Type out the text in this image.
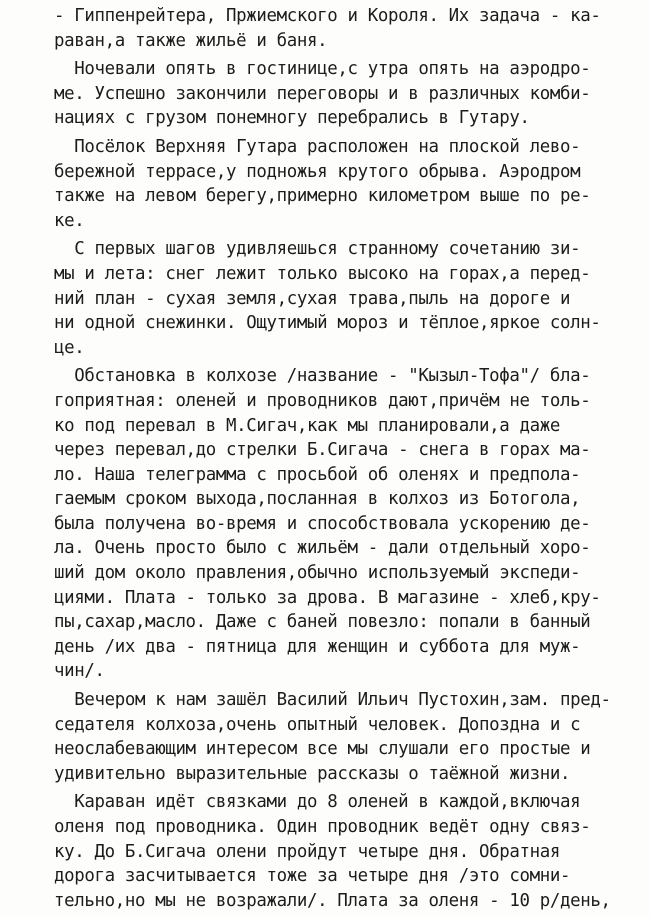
- Гиппенрейтера, Пржиемского и Короля. Их задача - ка-
раван,а также жильё и баня.
Ночевали опять в гостинице,с утра опять на аэродро-
ме. Успешно закончили переговоры и в различных комби-
нациях с грузом понемногу перебрались в Гутару.
Посёлок Верхняя Гутара расположен на плоской лево-
бережной террасе,у подножья крутого обрыва. Аэродром
также на левом берегу,примерно километром выше по ре-
ке.
С первых шагов удивляешься странному сочетанию зи-
мы и лета: снег лежит только высоко на горах,а перед-
ний план - сухая земля,сухая трава,пыль на дороге и
ни одной снежинки. Ощутимый мороз и тёплое,яркое солн-
це.
Обстановка в колхозе /название - "Кызыл-Тофа"/ бла-
гоприятная: оленей и проводников дают,причём не толь-
ко под перевал в М.Сигач,как мы планировали,а даже
через перевал,до стрелки Б.Сигача - снега в горах ма-
ло. Наша телеграмма с просьбой об оленях и предпола-
гаемым сроком выхода,посланная в колхоз из Ботогола,
была получена во-время и способствовала ускорению де-
ла. Очень просто было с жильём - дали отдельный хоро-
ший дом около правления,обычно используемый экспеди-
циями. Плата - только за дрова. В магазине - хлеб,кру-
пы,сахар,масло. Даже с баней повезло: попали в банный
день /их два - пятница для женщин и суббота для муж-
чин/.
Вечером к нам зашёл Василий Ильич Пустохин,зам. пред-
седателя колхоза,очень опытный человек. Допоздна и с
неослабевающим интересом все мы слушали его простые и
удивительно выразительные рассказы о таёжной жизни.
Караван идёт связками до 8 оленей в каждой,включая
оленя под проводника. Один проводник ведёт одну связ-
ку. До Б.Сигача олени пройдут четыре дня. Обратная
дорога засчитывается тоже за четыре дня /это сомни-
тельно,но мы не возражали/. Плата за оленя - 10 р/день,
